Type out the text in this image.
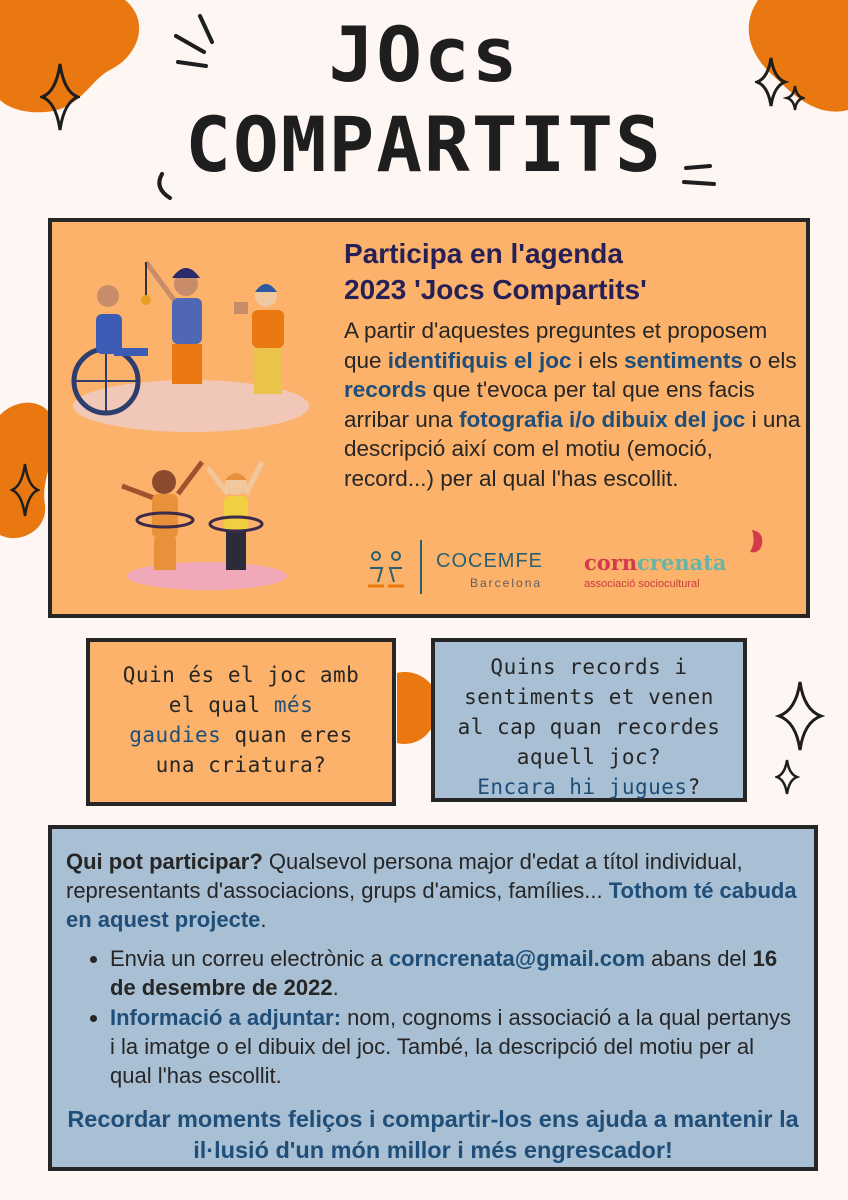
JOcs
COMPARTITS
Participa en l'agenda
2023 'Jocs Compartits'
A partir d'aquestes preguntes et proposem que identifiquis el joc i els sentiments o els records que t'evoca per tal que ens facis arribar una fotografia i/o dibuix del joc i una descripció així com el motiu (emoció, record...) per al qual l'has escollit.
COCEMFE
Barcelona
corncrenata
associació sociocultural
Quin és el joc amb
el qual més
gaudies quan eres
una criatura?
Quins records i
sentiments et venen
al cap quan recordes
aquell joc?
Encara hi jugues?
Qui pot participar? Qualsevol persona major d'edat a títol individual, representants d'associacions, grups d'amics, famílies... Tothom té cabuda en aquest projecte.
• Envia un correu electrònic a corncrenata@gmail.com abans del 16 de desembre de 2022.
• Informació a adjuntar: nom, cognoms i associació a la qual pertanys i la imatge o el dibuix del joc. També, la descripció del motiu per al qual l'has escollit.
Recordar moments feliços i compartir-los ens ajuda a mantenir la il·lusió d'un món millor i més engrescador!
